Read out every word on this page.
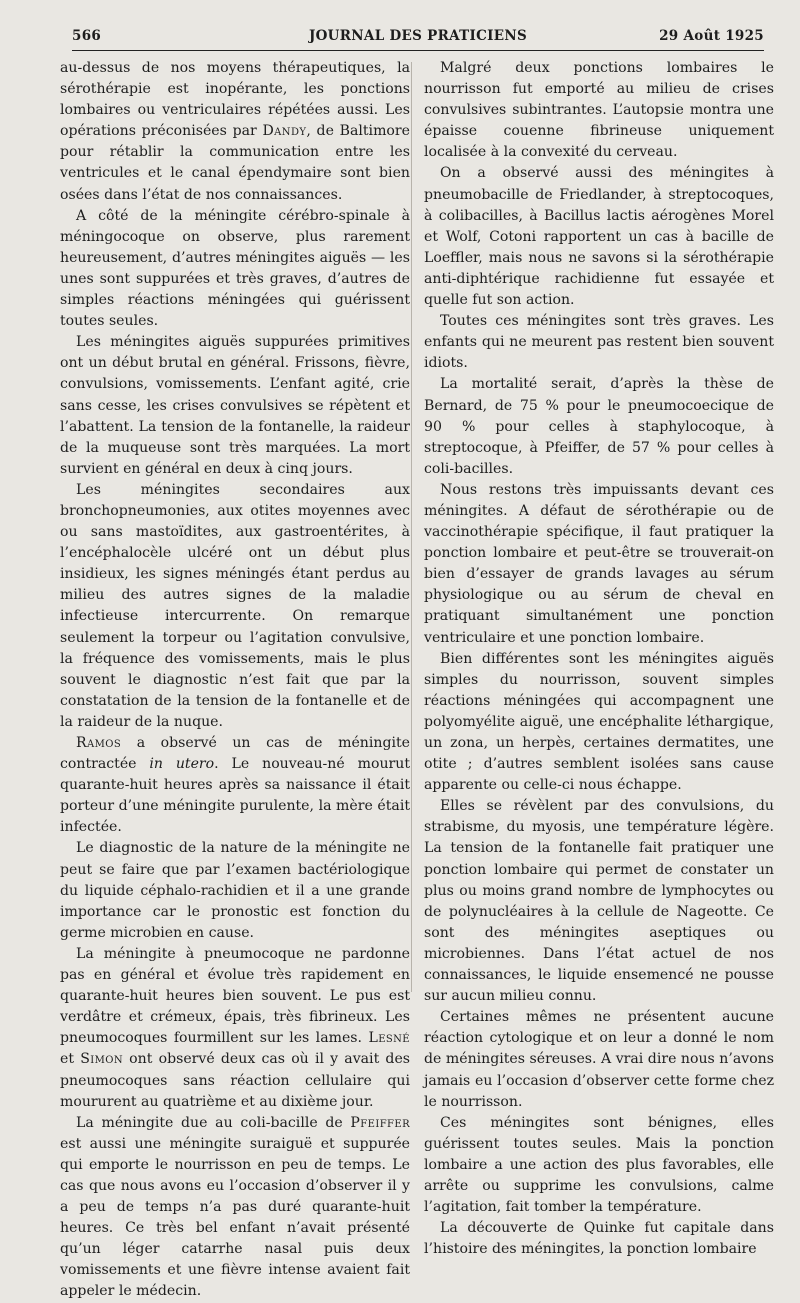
566	JOURNAL DES PRATICIENS	29 Août 1925

au-dessus de nos moyens thérapeutiques, la sérothérapie est inopérante, les ponctions lombaires ou ventriculaires répétées aussi. Les opérations préconisées par Dandy, de Baltimore pour rétablir la communication entre les ventricules et le canal épendymaire sont bien osées dans l’état de nos connaissances.

A côté de la méningite cérébro-spinale à méningocoque on observe, plus rarement heureusement, d’autres méningites aiguës — les unes sont suppurées et très graves, d’autres de simples réactions méningées qui guérissent toutes seules.

Les méningites aiguës suppurées primitives ont un début brutal en général. Frissons, fièvre, convulsions, vomissements. L’enfant agité, crie sans cesse, les crises convulsives se répètent et l’abattent. La tension de la fontanelle, la raideur de la muqueuse sont très marquées. La mort survient en général en deux à cinq jours.

Les méningites secondaires aux bronchopneumonies, aux otites moyennes avec ou sans mastoïdites, aux gastroentérites, à l’encéphalocèle ulcéré ont un début plus insidieux, les signes méningés étant perdus au milieu des autres signes de la maladie infectieuse intercurrente. On remarque seulement la torpeur ou l’agitation convulsive, la fréquence des vomissements, mais le plus souvent le diagnostic n’est fait que par la constatation de la tension de la fontanelle et de la raideur de la nuque.

Ramos a observé un cas de méningite contractée in utero. Le nouveau-né mourut quarante-huit heures après sa naissance il était porteur d’une méningite purulente, la mère était infectée.

Le diagnostic de la nature de la méningite ne peut se faire que par l’examen bactériologique du liquide céphalo-rachidien et il a une grande importance car le pronostic est fonction du germe microbien en cause.

La méningite à pneumocoque ne pardonne pas en général et évolue très rapidement en quarante-huit heures bien souvent. Le pus est verdâtre et crémeux, épais, très fibrineux. Les pneumocoques fourmillent sur les lames. Lesné et Simon ont observé deux cas où il y avait des pneumocoques sans réaction cellulaire qui moururent au quatrième et au dixième jour.

La méningite due au coli-bacille de Pfeiffer est aussi une méningite suraiguë et suppurée qui emporte le nourrisson en peu de temps. Le cas que nous avons eu l’occasion d’observer il y a peu de temps n’a pas duré quarante-huit heures. Ce très bel enfant n’avait présenté qu’un léger catarrhe nasal puis deux vomissements et une fièvre intense avaient fait appeler le médecin.

Malgré deux ponctions lombaires le nourrisson fut emporté au milieu de crises convulsives subintrantes. L’autopsie montra une épaisse couenne fibrineuse uniquement localisée à la convexité du cerveau.

On a observé aussi des méningites à pneumobacille de Friedlander, à streptocoques, à colibacilles, à Bacillus lactis aérogènes Morel et Wolf, Cotoni rapportent un cas à bacille de Loeffler, mais nous ne savons si la sérothérapie anti-diphtérique rachidienne fut essayée et quelle fut son action.

Toutes ces méningites sont très graves. Les enfants qui ne meurent pas restent bien souvent idiots.

La mortalité serait, d’après la thèse de Bernard, de 75 % pour le pneumocoecique de 90 % pour celles à staphylocoque, à streptocoque, à Pfeiffer, de 57 % pour celles à coli-bacilles.

Nous restons très impuissants devant ces méningites. A défaut de sérothérapie ou de vaccinothérapie spécifique, il faut pratiquer la ponction lombaire et peut-être se trouverait-on bien d’essayer de grands lavages au sérum physiologique ou au sérum de cheval en pratiquant simultanément une ponction ventriculaire et une ponction lombaire.

Bien différentes sont les méningites aiguës simples du nourrisson, souvent simples réactions méningées qui accompagnent une polyomyélite aiguë, une encéphalite léthargique, un zona, un herpès, certaines dermatites, une otite ; d’autres semblent isolées sans cause apparente ou celle-ci nous échappe.

Elles se révèlent par des convulsions, du strabisme, du myosis, une température légère. La tension de la fontanelle fait pratiquer une ponction lombaire qui permet de constater un plus ou moins grand nombre de lymphocytes ou de polynucléaires à la cellule de Nageotte. Ce sont des méningites aseptiques ou microbiennes. Dans l’état actuel de nos connaissances, le liquide ensemencé ne pousse sur aucun milieu connu.

Certaines mêmes ne présentent aucune réaction cytologique et on leur a donné le nom de méningites séreuses. A vrai dire nous n’avons jamais eu l’occasion d’observer cette forme chez le nourrisson.

Ces méningites sont bénignes, elles guérissent toutes seules. Mais la ponction lombaire a une action des plus favorables, elle arrête ou supprime les convulsions, calme l’agitation, fait tomber la température.

La découverte de Quinke fut capitale dans l’histoire des méningites, la ponction lombaire
